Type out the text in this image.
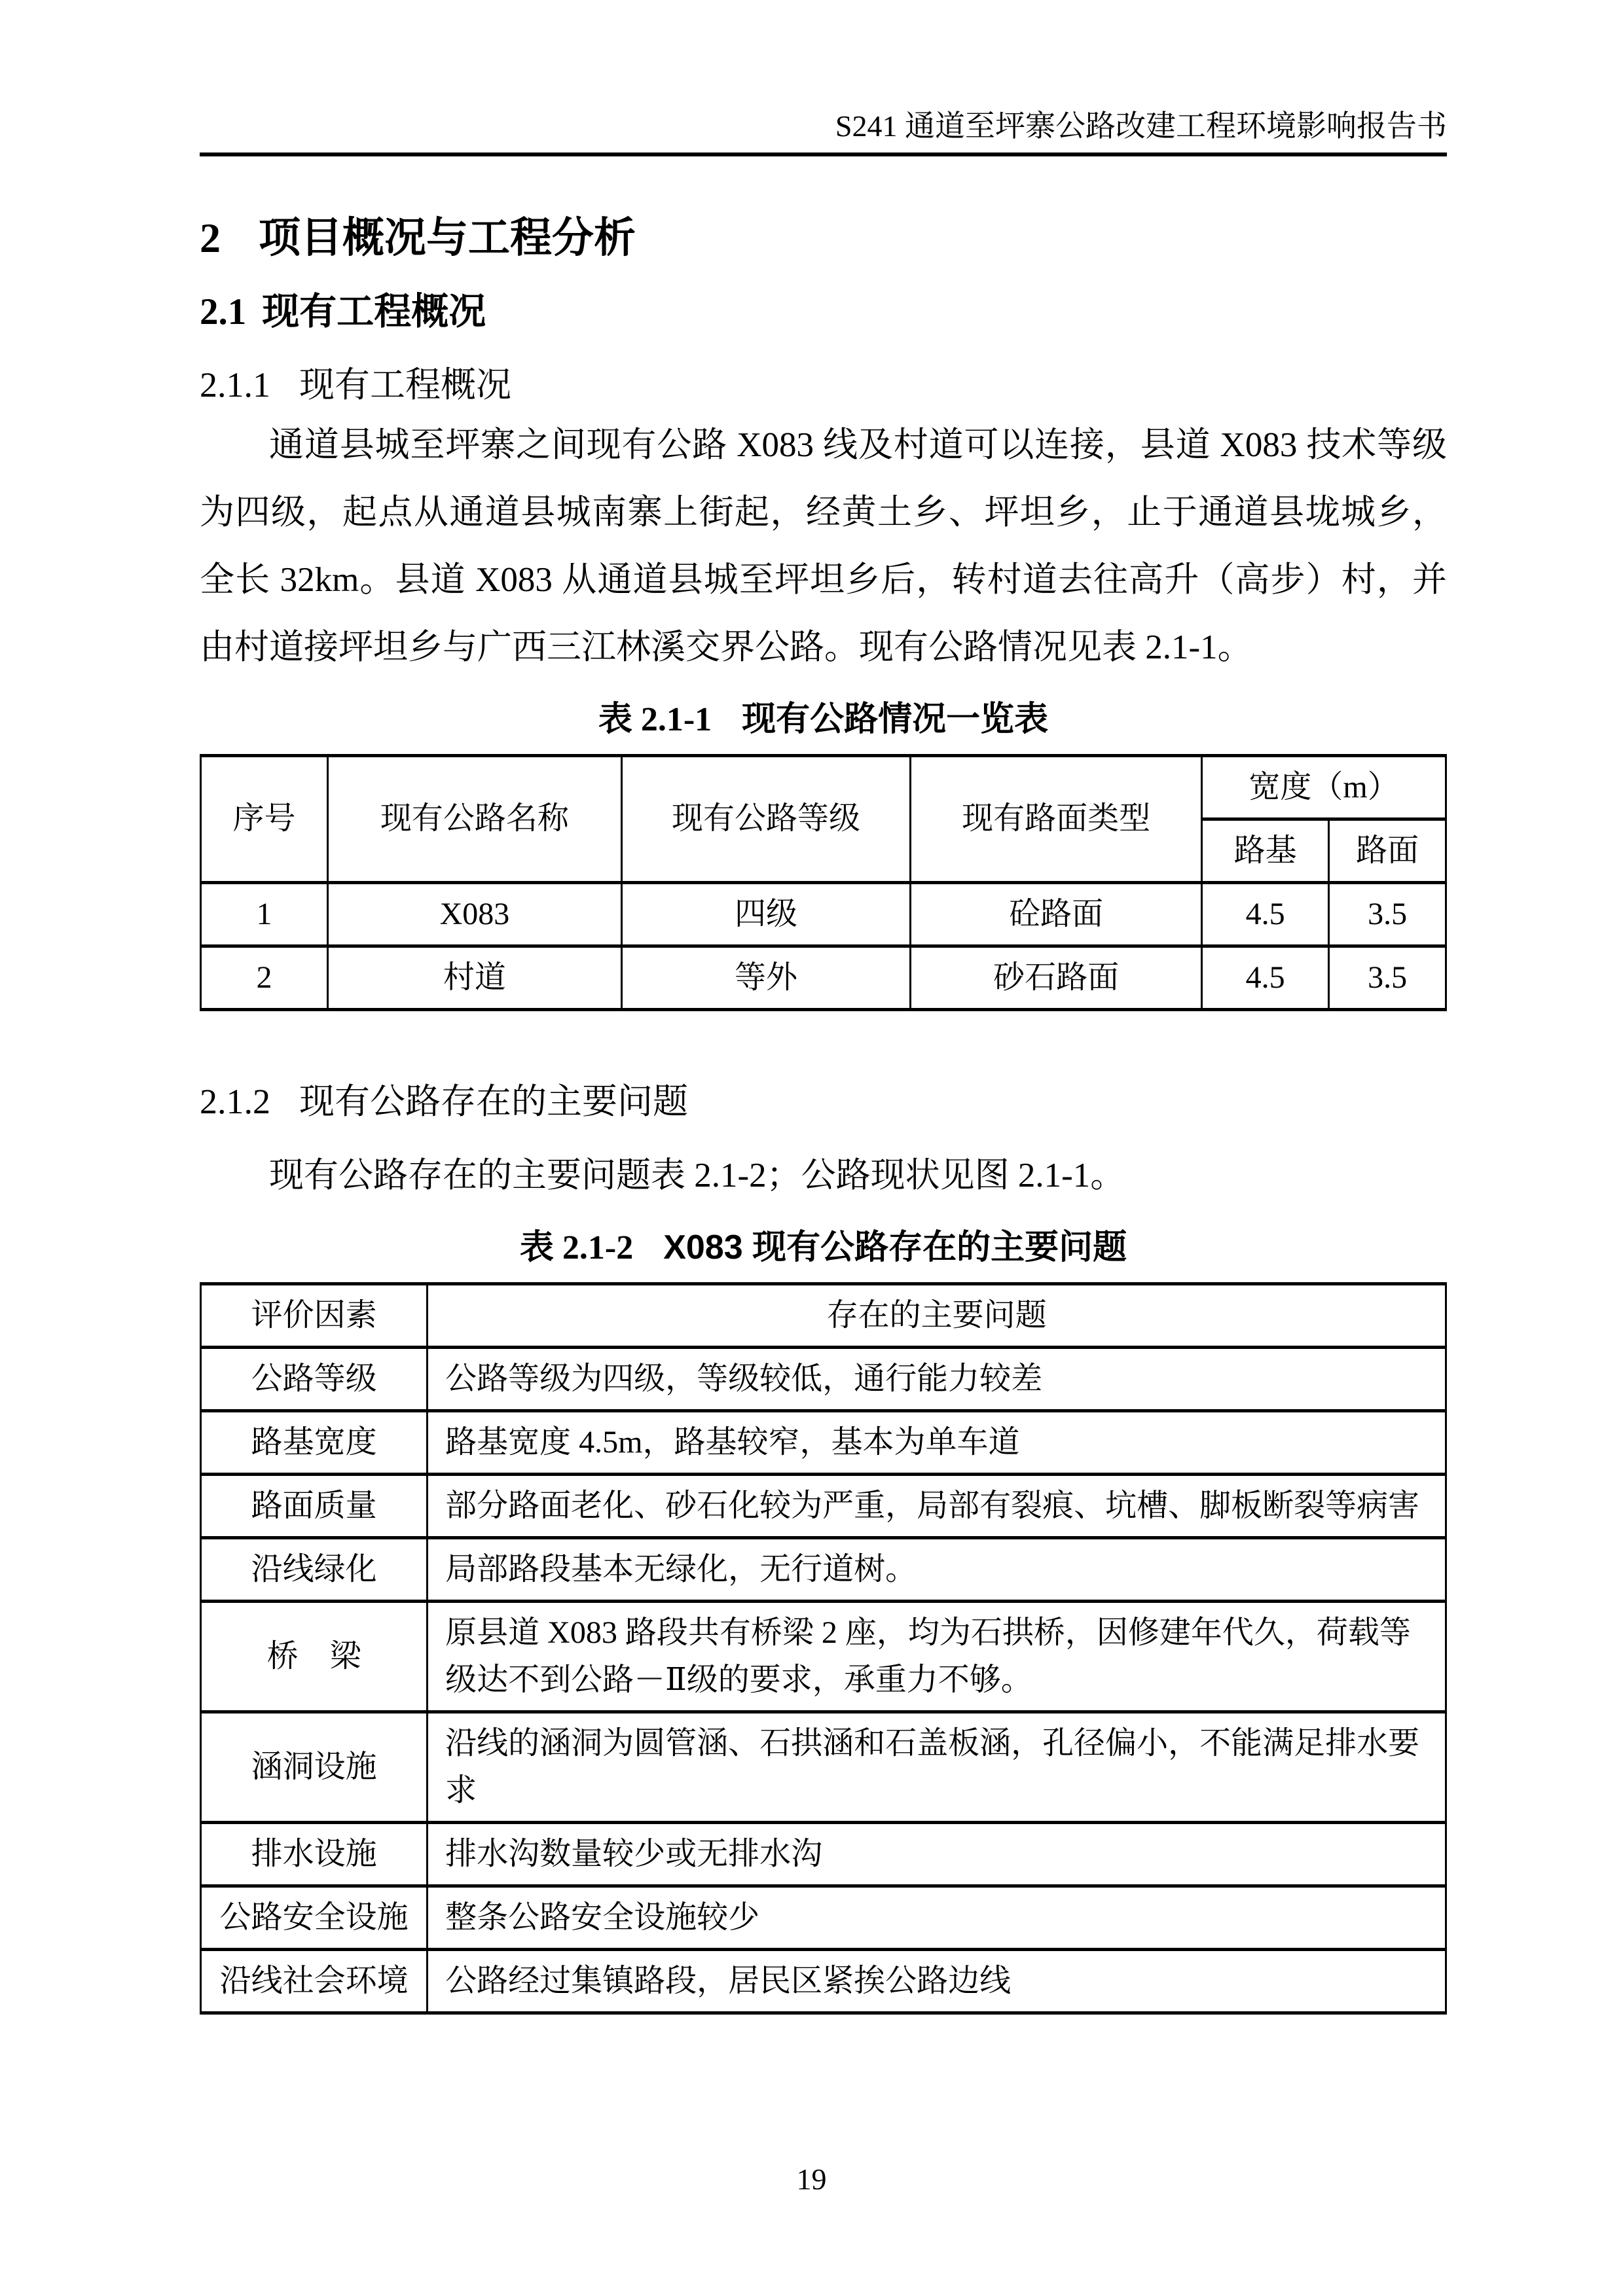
S241 通道至坪寨公路改建工程环境影响报告书
2 项目概况与工程分析
2.1 现有工程概况
2.1.1 现有工程概况
通道县城至坪寨之间现有公路 X083 线及村道可以连接，县道 X083 技术等级为四级，起点从通道县城南寨上街起，经黄土乡、坪坦乡，止于通道县垅城乡，全长 32km。县道 X083 从通道县城至坪坦乡后，转村道去往高升（高步）村，并由村道接坪坦乡与广西三江林溪交界公路。现有公路情况见表 2.1-1。
表 2.1-1 现有公路情况一览表
序号	现有公路名称	现有公路等级	现有路面类型	宽度（m）	
				路基	路面
1	X083	四级	砼路面	4.5	3.5
2	村道	等外	砂石路面	4.5	3.5
2.1.2 现有公路存在的主要问题
现有公路存在的主要问题表 2.1-2；公路现状见图 2.1-1。
表 2.1-2 X083 现有公路存在的主要问题
评价因素	存在的主要问题
公路等级	公路等级为四级，等级较低，通行能力较差
路基宽度	路基宽度 4.5m，路基较窄，基本为单车道
路面质量	部分路面老化、砂石化较为严重，局部有裂痕、坑槽、脚板断裂等病害
沿线绿化	局部路段基本无绿化，无行道树。
桥　梁	原县道 X083 路段共有桥梁 2 座，均为石拱桥，因修建年代久，荷载等级达不到公路－Ⅱ级的要求，承重力不够。
涵洞设施	沿线的涵洞为圆管涵、石拱涵和石盖板涵，孔径偏小，不能满足排水要求
排水设施	排水沟数量较少或无排水沟
公路安全设施	整条公路安全设施较少
沿线社会环境	公路经过集镇路段，居民区紧挨公路边线
19
